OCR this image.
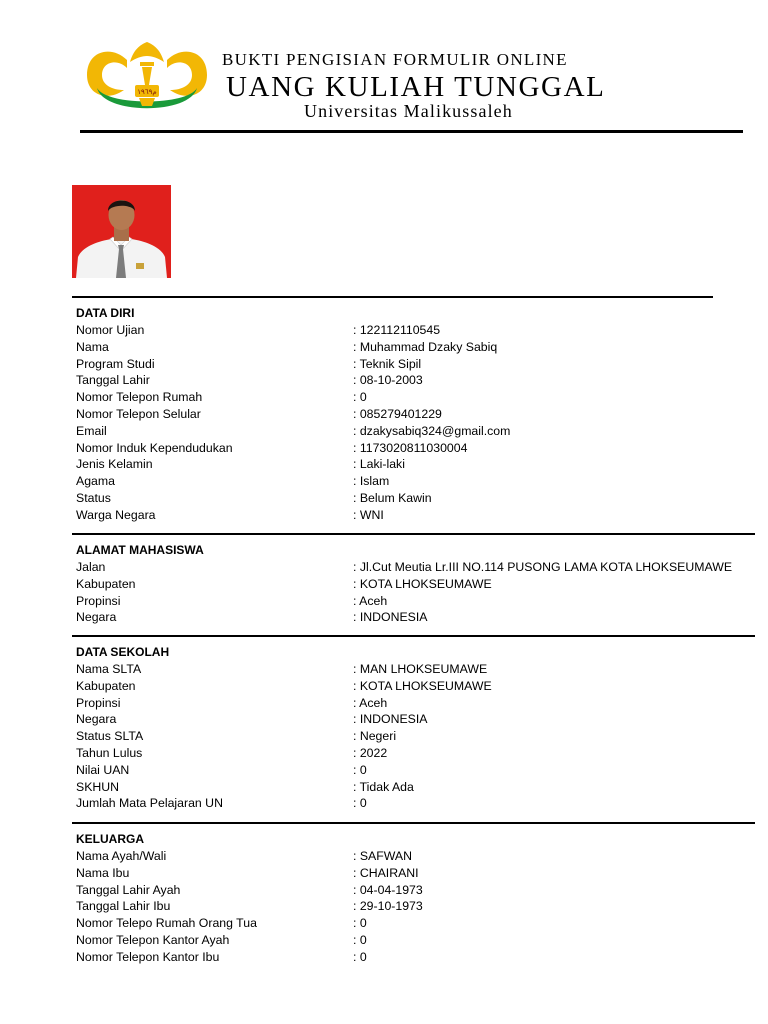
ﻡ١٩٦٩
BUKTI PENGISIAN FORMULIR ONLINE
UANG KULIAH TUNGGAL
Universitas Malikussaleh
DATA DIRI
Nomor Ujian	: 122112110545
Nama	: Muhammad Dzaky Sabiq
Program Studi	: Teknik Sipil
Tanggal Lahir	: 08-10-2003
Nomor Telepon Rumah	: 0
Nomor Telepon Selular	: 085279401229
Email	: dzakysabiq324@gmail.com
Nomor Induk Kependudukan	: 1173020811030004
Jenis Kelamin	: Laki-laki
Agama	: Islam
Status	: Belum Kawin
Warga Negara	: WNI
ALAMAT MAHASISWA
Jalan	: Jl.Cut Meutia Lr.III NO.114 PUSONG LAMA KOTA LHOKSEUMAWE
Kabupaten	: KOTA LHOKSEUMAWE
Propinsi	: Aceh
Negara	: INDONESIA
DATA SEKOLAH
Nama SLTA	: MAN LHOKSEUMAWE
Kabupaten	: KOTA LHOKSEUMAWE
Propinsi	: Aceh
Negara	: INDONESIA
Status SLTA	: Negeri
Tahun Lulus	: 2022
Nilai UAN	: 0
SKHUN	: Tidak Ada
Jumlah Mata Pelajaran UN	: 0
KELUARGA
Nama Ayah/Wali	: SAFWAN
Nama Ibu	: CHAIRANI
Tanggal Lahir Ayah	: 04-04-1973
Tanggal Lahir Ibu	: 29-10-1973
Nomor Telepo Rumah Orang Tua	: 0
Nomor Telepon Kantor Ayah	: 0
Nomor Telepon Kantor Ibu	: 0
